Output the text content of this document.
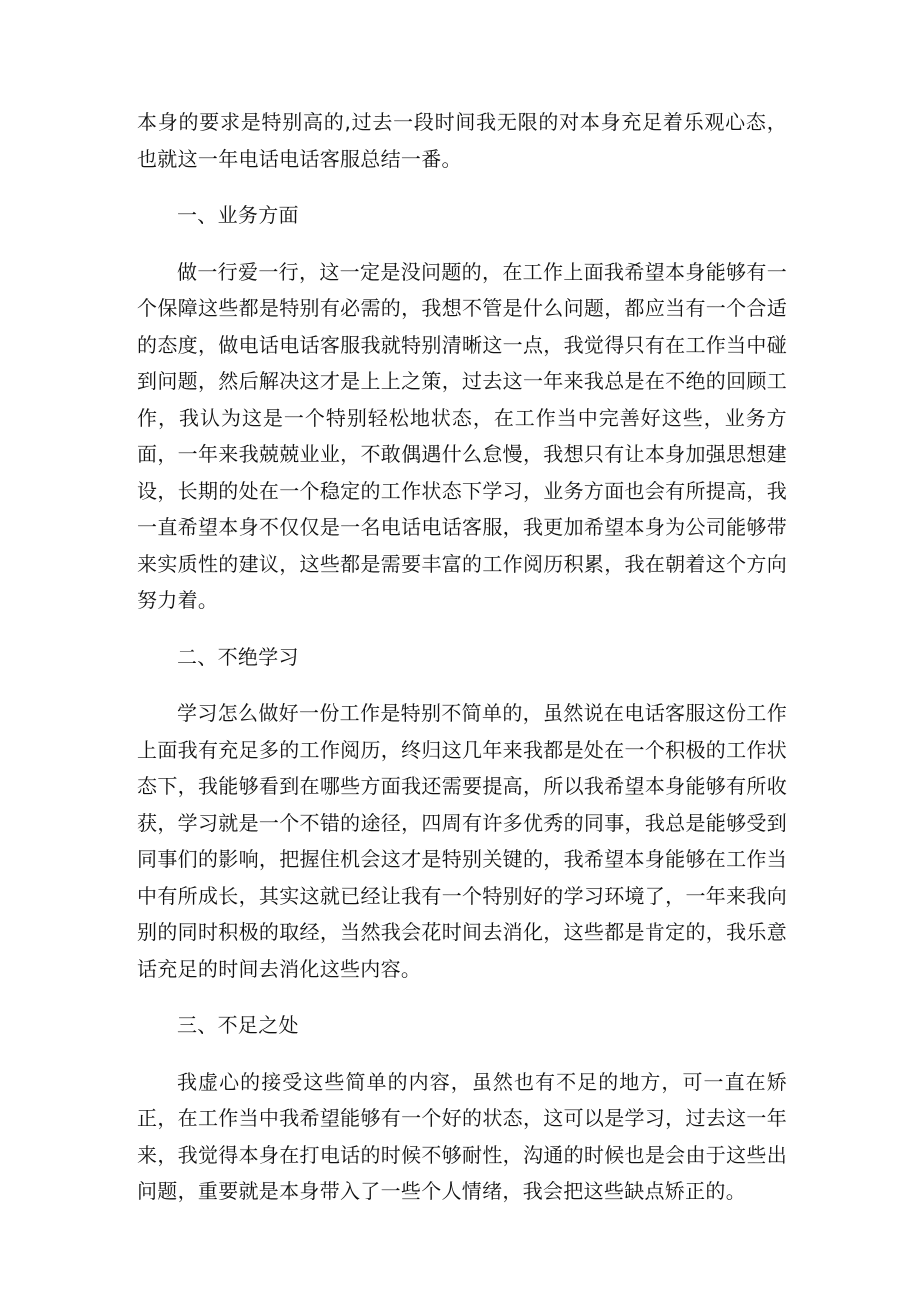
本身的要求是特别高的,过去一段时间我无限的对本身充足着乐观心态，也就这一年电话电话客服总结一番。

一、业务方面

做一行爱一行，这一定是没问题的，在工作上面我希望本身能够有一个保障这些都是特别有必需的，我想不管是什么问题，都应当有一个合适的态度，做电话电话客服我就特别清晰这一点，我觉得只有在工作当中碰到问题，然后解决这才是上上之策，过去这一年来我总是在不绝的回顾工作，我认为这是一个特别轻松地状态，在工作当中完善好这些，业务方面，一年来我兢兢业业，不敢偶遇什么怠慢，我想只有让本身加强思想建设，长期的处在一个稳定的工作状态下学习，业务方面也会有所提高，我一直希望本身不仅仅是一名电话电话客服，我更加希望本身为公司能够带来实质性的建议，这些都是需要丰富的工作阅历积累，我在朝着这个方向努力着。

二、不绝学习

学习怎么做好一份工作是特别不简单的，虽然说在电话客服这份工作上面我有充足多的工作阅历，终归这几年来我都是处在一个积极的工作状态下，我能够看到在哪些方面我还需要提高，所以我希望本身能够有所收获，学习就是一个不错的途径，四周有许多优秀的同事，我总是能够受到同事们的影响，把握住机会这才是特别关键的，我希望本身能够在工作当中有所成长，其实这就已经让我有一个特别好的学习环境了，一年来我向别的同时积极的取经，当然我会花时间去消化，这些都是肯定的，我乐意话充足的时间去消化这些内容。

三、不足之处

我虚心的接受这些简单的内容，虽然也有不足的地方，可一直在矫正，在工作当中我希望能够有一个好的状态，这可以是学习，过去这一年来，我觉得本身在打电话的时候不够耐性，沟通的时候也是会由于这些出问题，重要就是本身带入了一些个人情绪，我会把这些缺点矫正的。
